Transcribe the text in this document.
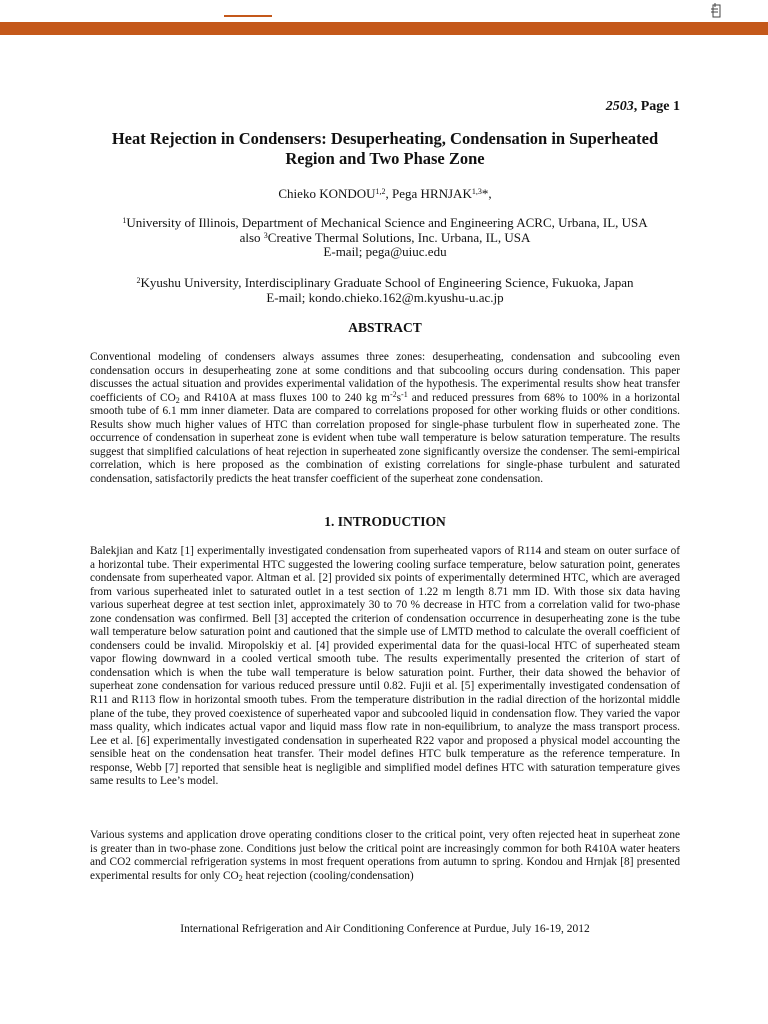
2503, Page 1
Heat Rejection in Condensers: Desuperheating, Condensation in Superheated Region and Two Phase Zone
Chieko KONDOU$^{1,2}$, Pega HRNJAK$^{1,3}$*,
$^1$University of Illinois, Department of Mechanical Science and Engineering ACRC, Urbana, IL, USA
also $^3$Creative Thermal Solutions, Inc. Urbana, IL, USA
E-mail; pega@uiuc.edu
$^2$Kyushu University, Interdisciplinary Graduate School of Engineering Science, Fukuoka, Japan
E-mail; kondo.chieko.162@m.kyushu-u.ac.jp
ABSTRACT
Conventional modeling of condensers always assumes three zones: desuperheating, condensation and subcooling even condensation occurs in desuperheating zone at some conditions and that subcooling occurs during condensation. This paper discusses the actual situation and provides experimental validation of the hypothesis. The experimental results show heat transfer coefficients of $CO_2$ and R410A at mass fluxes 100 to 240 kg $m^{-2}s^{-1}$ and reduced pressures from 68% to 100% in a horizontal smooth tube of 6.1 mm inner diameter. Data are compared to correlations proposed for other working fluids or other conditions. Results show much higher values of HTC than correlation proposed for single-phase turbulent flow in superheated zone. The occurrence of condensation in superheat zone is evident when tube wall temperature is below saturation temperature. The results suggest that simplified calculations of heat rejection in superheated zone significantly oversize the condenser. The semi-empirical correlation, which is here proposed as the combination of existing correlations for single-phase turbulent and saturated condensation, satisfactorily predicts the heat transfer coefficient of the superheat zone condensation.
1. INTRODUCTION
Balekjian and Katz [1] experimentally investigated condensation from superheated vapors of R114 and steam on outer surface of a horizontal tube. Their experimental HTC suggested the lowering cooling surface temperature, below saturation point, generates condensate from superheated vapor. Altman et al. [2] provided six points of experimentally determined HTC, which are averaged from various superheated inlet to saturated outlet in a test section of 1.22 m length 8.71 mm ID. With those six data having various superheat degree at test section inlet, approximately 30 to 70 % decrease in HTC from a correlation valid for two-phase zone condensation was confirmed. Bell [3] accepted the criterion of condensation occurrence in desuperheating zone is the tube wall temperature below saturation point and cautioned that the simple use of LMTD method to calculate the overall coefficient of condensers could be invalid. Miropolskiy et al. [4] provided experimental data for the quasi-local HTC of superheated steam vapor flowing downward in a cooled vertical smooth tube. The results experimentally presented the criterion of start of condensation which is when the tube wall temperature is below saturation point. Further, their data showed the behavior of superheat zone condensation for various reduced pressure until 0.82. Fujii et al. [5] experimentally investigated condensation of R11 and R113 flow in horizontal smooth tubes. From the temperature distribution in the radial direction of the horizontal middle plane of the tube, they proved coexistence of superheated vapor and subcooled liquid in condensation flow. They varied the vapor mass quality, which indicates actual vapor and liquid mass flow rate in non-equilibrium, to analyze the mass transport process. Lee et al. [6] experimentally investigated condensation in superheated R22 vapor and proposed a physical model accounting the sensible heat on the condensation heat transfer. Their model defines HTC bulk temperature as the reference temperature. In response, Webb [7] reported that sensible heat is negligible and simplified model defines HTC with saturation temperature gives same results to Lee’s model.
Various systems and application drove operating conditions closer to the critical point, very often rejected heat in superheat zone is greater than in two-phase zone. Conditions just below the critical point are increasingly common for both R410A water heaters and CO2 commercial refrigeration systems in most frequent operations from autumn to spring. Kondou and Hrnjak [8] presented experimental results for only $CO_2$ heat rejection (cooling/condensation)
International Refrigeration and Air Conditioning Conference at Purdue, July 16-19, 2012
